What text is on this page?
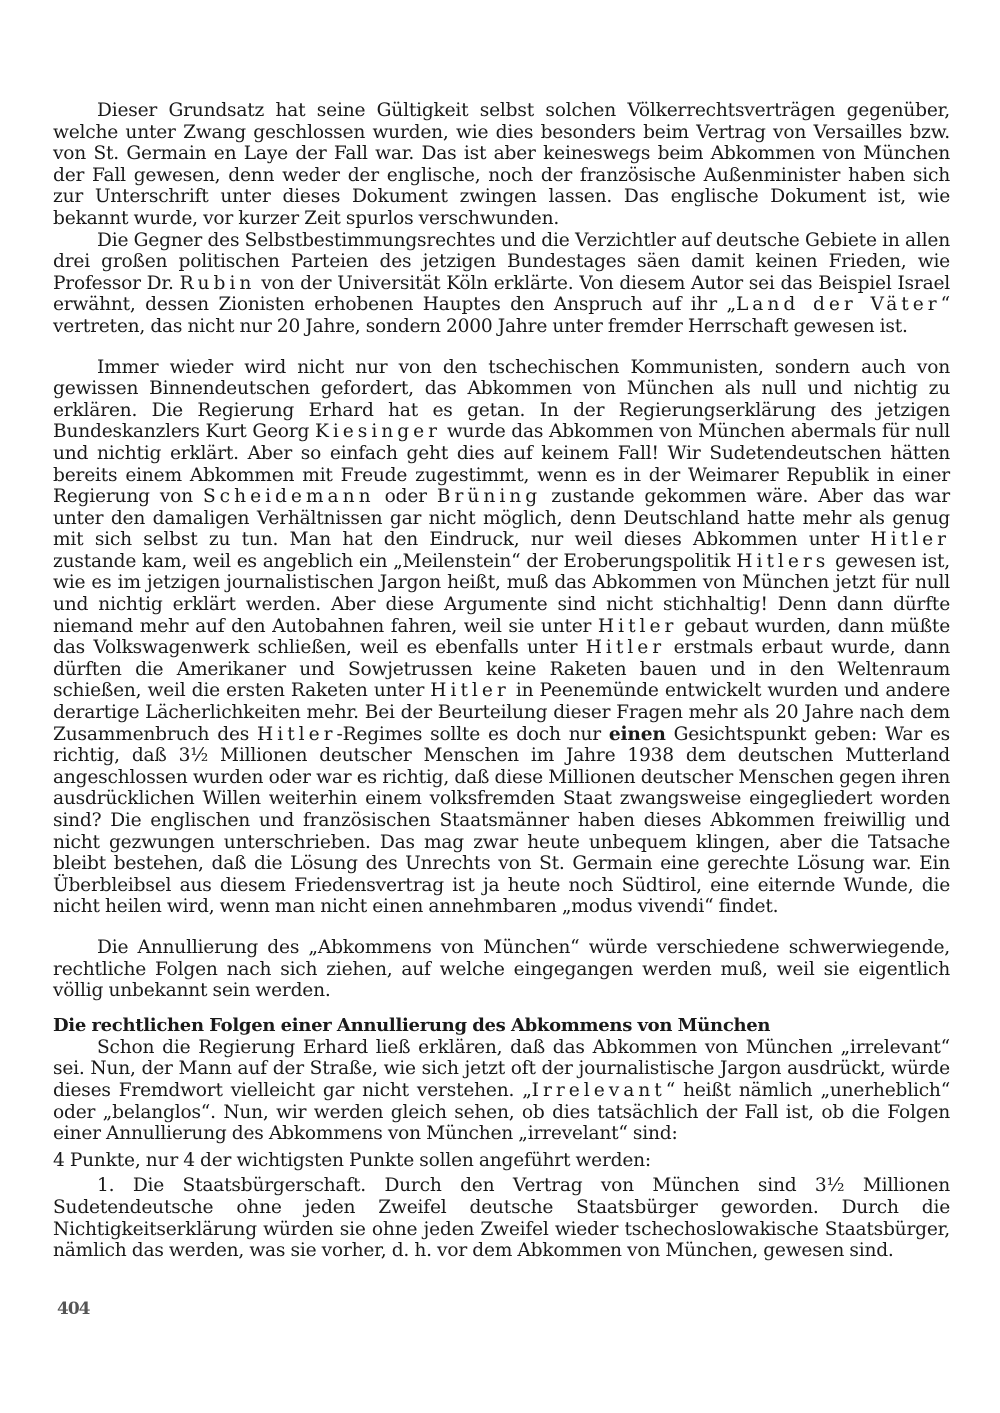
Dieser Grundsatz hat seine Gültigkeit selbst solchen Völkerrechtsverträgen gegenüber, welche unter Zwang geschlossen wurden, wie dies besonders beim Vertrag von Versailles bzw. von St. Germain en Laye der Fall war. Das ist aber keineswegs beim Abkommen von München der Fall gewesen, denn weder der englische, noch der französische Außenminister haben sich zur Unterschrift unter dieses Dokument zwingen lassen. Das englische Dokument ist, wie bekannt wurde, vor kurzer Zeit spurlos verschwunden.

Die Gegner des Selbstbestimmungsrechtes und die Verzichtler auf deutsche Gebiete in allen drei großen politischen Parteien des jetzigen Bundestages säen damit keinen Frieden, wie Professor Dr. Rubin von der Universität Köln erklärte. Von diesem Autor sei das Beispiel Israel erwähnt, dessen Zionisten erhobenen Hauptes den Anspruch auf ihr „Land der Väter“ vertreten, das nicht nur 20 Jahre, sondern 2000 Jahre unter fremder Herrschaft gewesen ist.

Immer wieder wird nicht nur von den tschechischen Kommunisten, sondern auch von gewissen Binnendeutschen gefordert, das Abkommen von München als null und nichtig zu erklären. Die Regierung Erhard hat es getan. In der Regierungserklärung des jetzigen Bundeskanzlers Kurt Georg Kiesinger wurde das Abkommen von München abermals für null und nichtig erklärt. Aber so einfach geht dies auf keinem Fall! Wir Sudetendeutschen hätten bereits einem Abkommen mit Freude zugestimmt, wenn es in der Weimarer Republik in einer Regierung von Scheidemann oder Brüning zustande gekommen wäre. Aber das war unter den damaligen Verhältnissen gar nicht möglich, denn Deutschland hatte mehr als genug mit sich selbst zu tun. Man hat den Eindruck, nur weil dieses Abkommen unter Hitler zustande kam, weil es angeblich ein „Meilenstein“ der Eroberungspolitik Hitlers gewesen ist, wie es im jetzigen journalistischen Jargon heißt, muß das Abkommen von München jetzt für null und nichtig erklärt werden. Aber diese Argumente sind nicht stichhaltig! Denn dann dürfte niemand mehr auf den Autobahnen fahren, weil sie unter Hitler gebaut wurden, dann müßte das Volkswagenwerk schließen, weil es ebenfalls unter Hitler erstmals erbaut wurde, dann dürften die Amerikaner und Sowjetrussen keine Raketen bauen und in den Weltenraum schießen, weil die ersten Raketen unter Hitler in Peenemünde entwickelt wurden und andere derartige Lächerlichkeiten mehr. Bei der Beurteilung dieser Fragen mehr als 20 Jahre nach dem Zusammenbruch des Hitler-Regimes sollte es doch nur einen Gesichtspunkt geben: War es richtig, daß 3½ Millionen deutscher Menschen im Jahre 1938 dem deutschen Mutterland angeschlossen wurden oder war es richtig, daß diese Millionen deutscher Menschen gegen ihren ausdrücklichen Willen weiterhin einem volksfremden Staat zwangsweise eingegliedert worden sind? Die englischen und französischen Staatsmänner haben dieses Abkommen freiwillig und nicht gezwungen unterschrieben. Das mag zwar heute unbequem klingen, aber die Tatsache bleibt bestehen, daß die Lösung des Unrechts von St. Germain eine gerechte Lösung war. Ein Überbleibsel aus diesem Friedensvertrag ist ja heute noch Südtirol, eine eiternde Wunde, die nicht heilen wird, wenn man nicht einen annehmbaren „modus vivendi“ findet.

Die Annullierung des „Abkommens von München“ würde verschiedene schwerwiegende, rechtliche Folgen nach sich ziehen, auf welche eingegangen werden muß, weil sie eigentlich völlig unbekannt sein werden.

Die rechtlichen Folgen einer Annullierung des Abkommens von München

Schon die Regierung Erhard ließ erklären, daß das Abkommen von München „irrelevant“ sei. Nun, der Mann auf der Straße, wie sich jetzt oft der journalistische Jargon ausdrückt, würde dieses Fremdwort vielleicht gar nicht verstehen. „Irrelevant“ heißt nämlich „unerheblich“ oder „belanglos“. Nun, wir werden gleich sehen, ob dies tatsächlich der Fall ist, ob die Folgen einer Annullierung des Abkommens von München „irrevelant“ sind:

4 Punkte, nur 4 der wichtigsten Punkte sollen angeführt werden:

1. Die Staatsbürgerschaft. Durch den Vertrag von München sind 3½ Millionen Sudetendeutsche ohne jeden Zweifel deutsche Staatsbürger geworden. Durch die Nichtigkeitserklärung würden sie ohne jeden Zweifel wieder tschechoslowakische Staatsbürger, nämlich das werden, was sie vorher, d. h. vor dem Abkommen von München, gewesen sind.

404
